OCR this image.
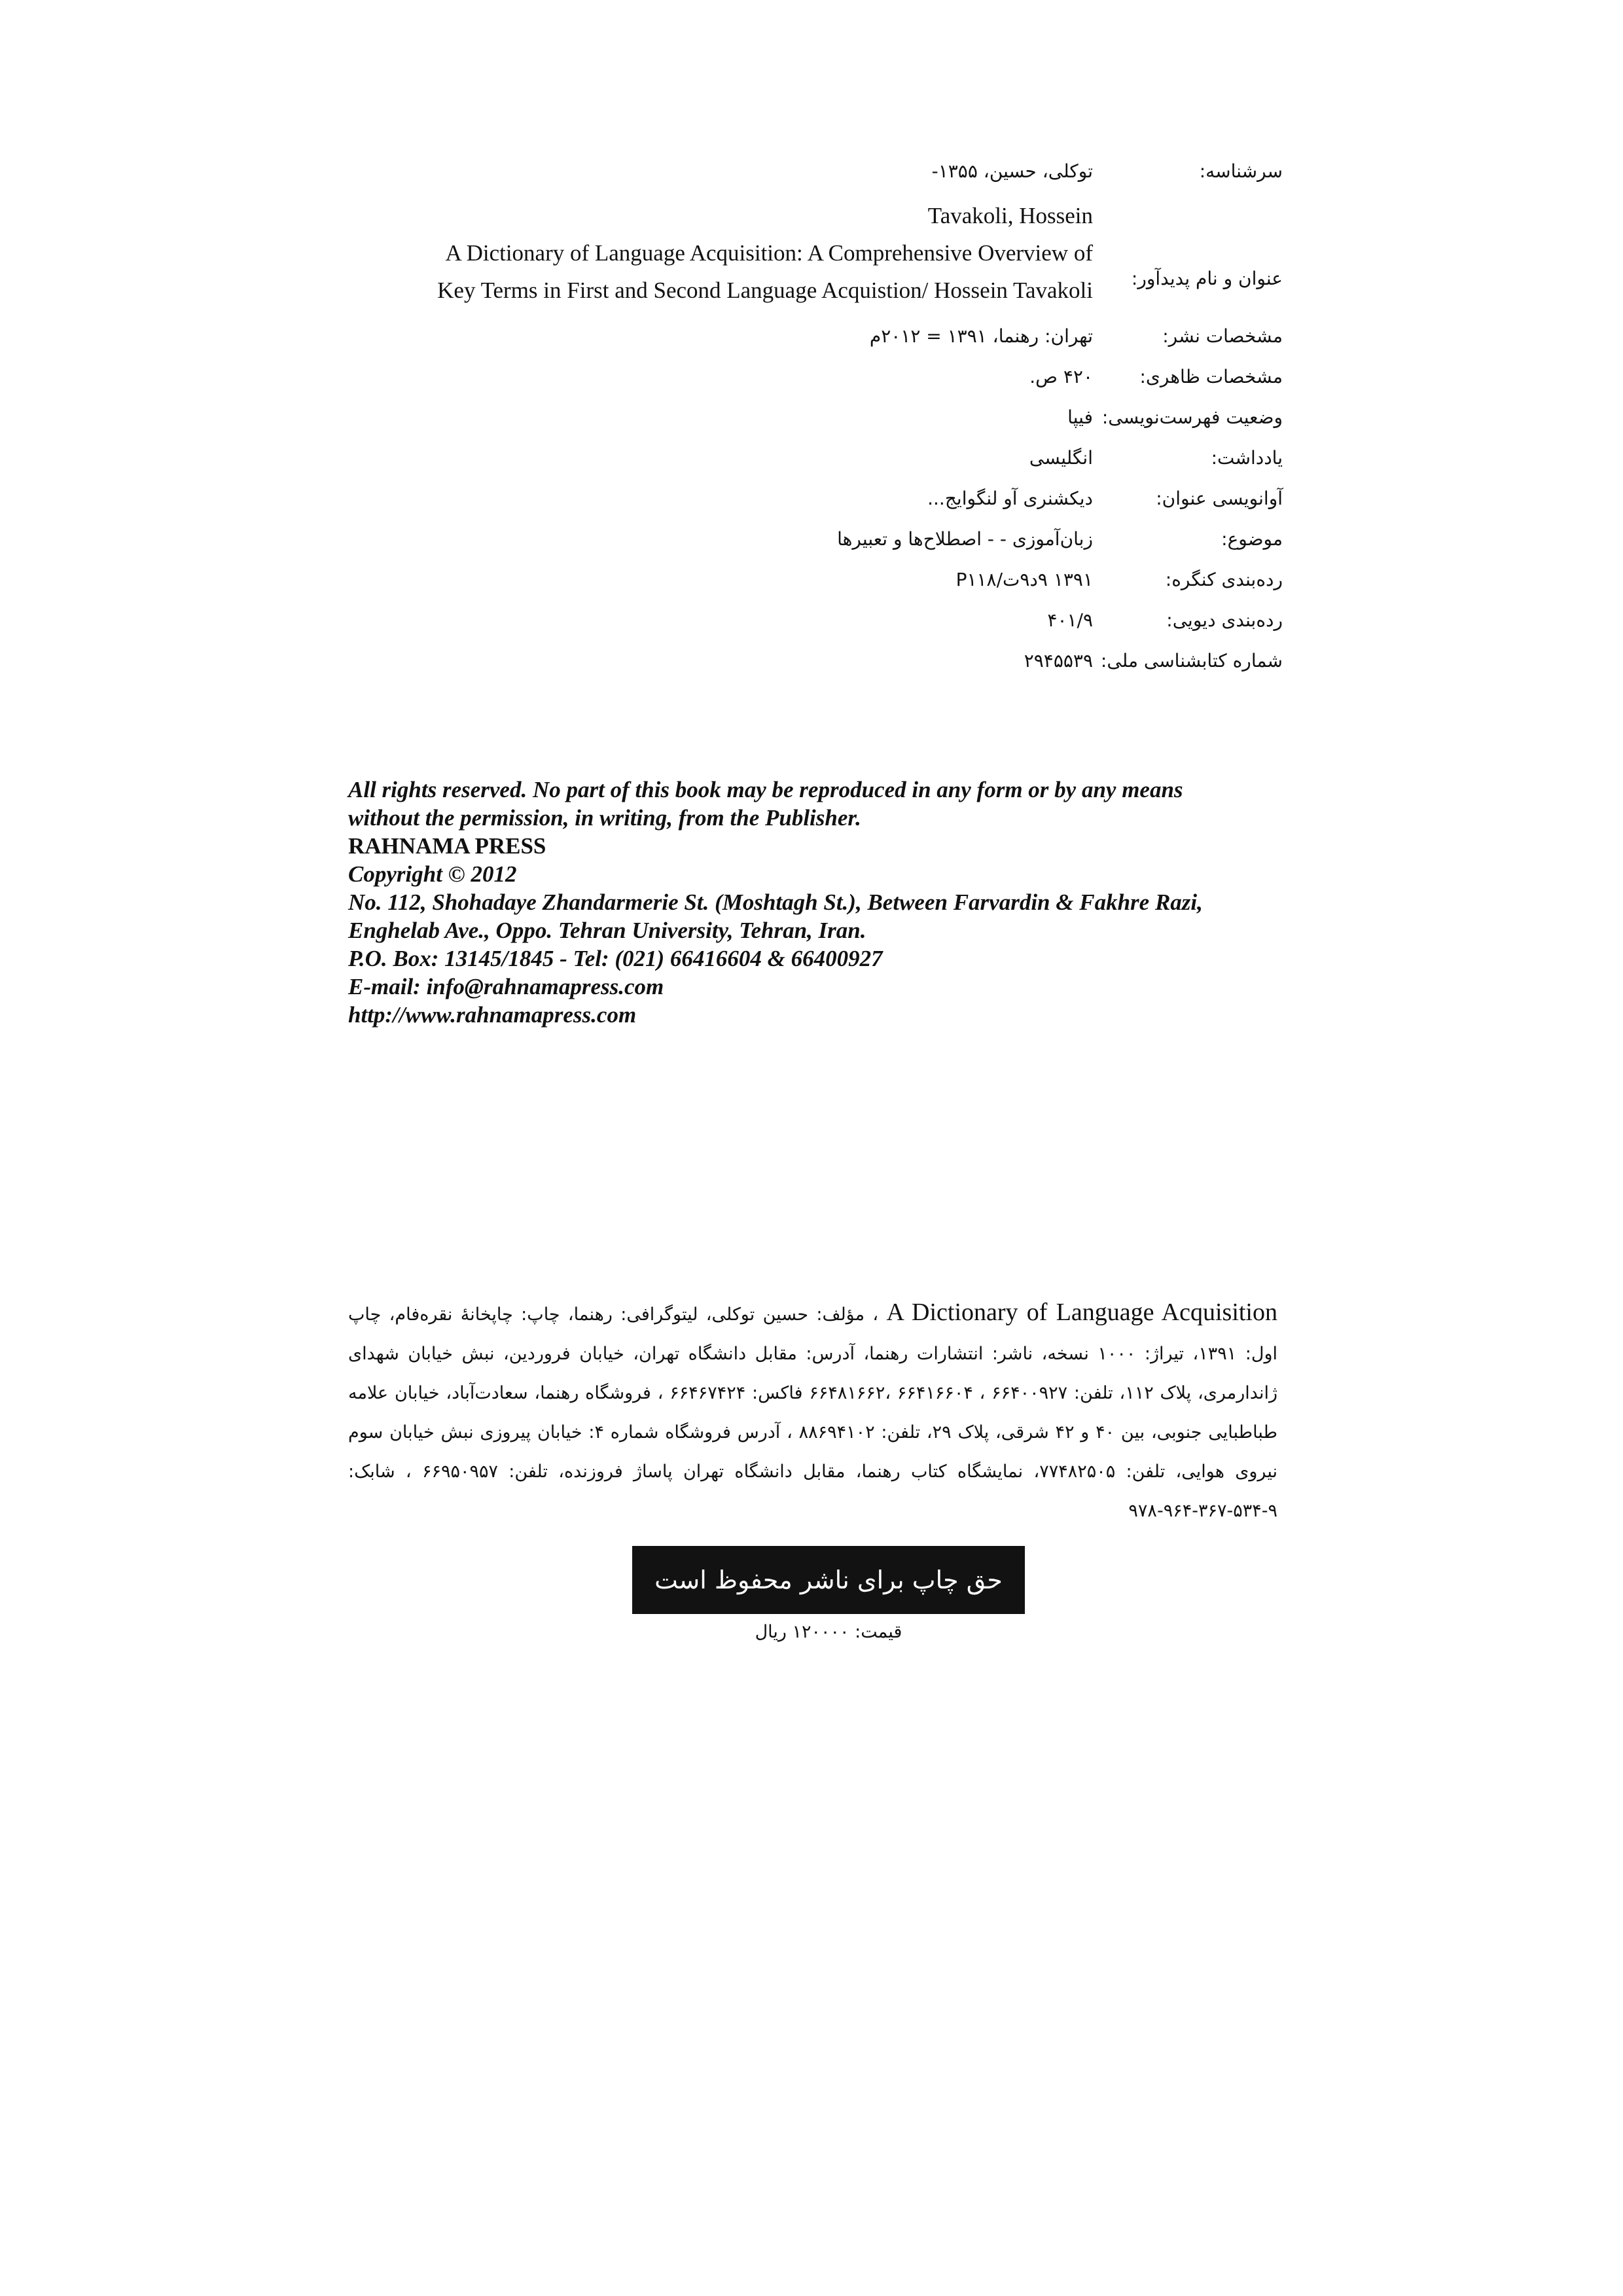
سرشناسه:
توکلی، حسین، ۱۳۵۵-
Tavakoli, Hossein
A Dictionary of Language Acquisition: A Comprehensive Overview of
Key Terms in First and Second Language Acquistion/ Hossein Tavakoli عنوان و نام پدیدآور:
مشخصات نشر:
تهران: رهنما، ۱۳۹۱ = ۲۰۱۲م
مشخصات ظاهری:
۴۲۰ ص.
وضعیت فهرست‌نویسی:
فیپا
یادداشت:
انگلیسی
آوانویسی عنوان:
دیکشنری آو لنگوایج...
موضوع:
زبان‌آموزی - - اصطلاح‌ها و تعبیرها
رده‌بندی کنگره:
۱۳۹۱ ۹د۹ت/P۱۱۸
رده‌بندی دیویی:
۴۰۱/۹
شماره کتابشناسی ملی:
۲۹۴۵۵۳۹
All rights reserved. No part of this book may be reproduced in any form or by any means
without the permission, in writing, from the Publisher.
RAHNAMA PRESS
Copyright © 2012
No. 112, Shohadaye Zhandarmerie St. (Moshtagh St.), Between Farvardin & Fakhre Razi,
Enghelab Ave., Oppo. Tehran University, Tehran, Iran.
P.O. Box: 13145/1845 - Tel: (021) 66416604 & 66400927
E-mail: info@rahnamapress.com
http://www.rahnamapress.com
A Dictionary of Language Acquisition ، مؤلف: حسین توکلی، لیتوگرافی: رهنما، چاپ: چاپخانهٔ نقره‌فام، چاپ اول: ۱۳۹۱، تیراژ: ۱۰۰۰ نسخه، ناشر: انتشارات رهنما، آدرس: مقابل دانشگاه تهران، خیابان فروردین، نبش خیابان شهدای ژاندارمری، پلاک ۱۱۲، تلفن: ۶۶۴۰۰۹۲۷ ، ۶۶۴۱۶۶۰۴ ،۶۶۴۸۱۶۶۲ فاکس: ۶۶۴۶۷۴۲۴ ، فروشگاه رهنما، سعادت‌آباد، خیابان علامه طباطبایی جنوبی، بین ۴۰ و ۴۲ شرقی، پلاک ۲۹، تلفن: ۸۸۶۹۴۱۰۲ ، آدرس فروشگاه شماره ۴: خیابان پیروزی نبش خیابان سوم نیروی هوایی، تلفن: ۷۷۴۸۲۵۰۵، نمایشگاه کتاب رهنما، مقابل دانشگاه تهران پاساژ فروزنده، تلفن: ۶۶۹۵۰۹۵۷ ، شابک: ۹-۵۳۴-۳۶۷-۹۶۴-۹۷۸
حق چاپ برای ناشر محفوظ است
قیمت: ۱۲۰۰۰۰ ریال
